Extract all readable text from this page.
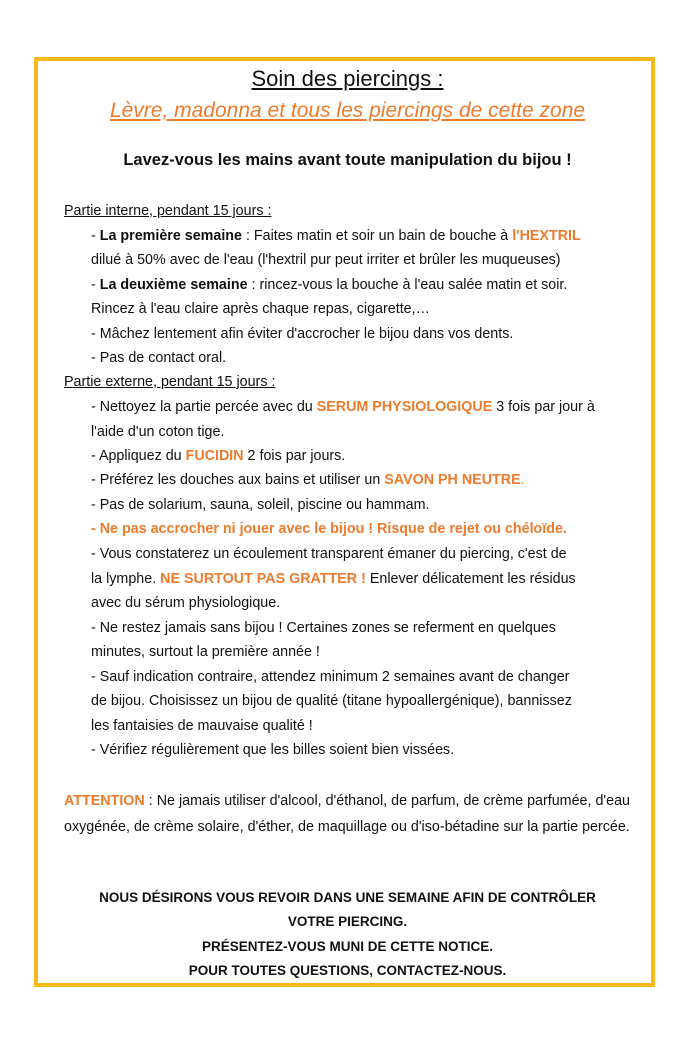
Soin des piercings :
Lèvre, madonna et tous les piercings de cette zone
Lavez-vous les mains avant toute manipulation du bijou !
Partie interne, pendant 15 jours :
- La première semaine : Faites matin et soir un bain de bouche à l'HEXTRIL
dilué à 50% avec de l'eau (l'hextril pur peut irriter et brûler les muqueuses)
- La deuxième semaine : rincez-vous la bouche à l'eau salée matin et soir.
Rincez à l'eau claire après chaque repas, cigarette,…
- Mâchez lentement afin éviter d'accrocher le bijou dans vos dents.
- Pas de contact oral.
Partie externe, pendant 15 jours :
- Nettoyez la partie percée avec du SERUM PHYSIOLOGIQUE 3 fois par jour à
l'aide d'un coton tige.
- Appliquez du FUCIDIN 2 fois par jours.
- Préférez les douches aux bains et utiliser un SAVON PH NEUTRE.
- Pas de solarium, sauna, soleil, piscine ou hammam.
- Ne pas accrocher ni jouer avec le bijou ! Risque de rejet ou chéloïde.
- Vous constaterez un écoulement transparent émaner du piercing, c'est de
la lymphe. NE SURTOUT PAS GRATTER ! Enlever délicatement les résidus
avec du sérum physiologique.
- Ne restez jamais sans bijou ! Certaines zones se referment en quelques
minutes, surtout la première année !
- Sauf indication contraire, attendez minimum 2 semaines avant de changer
de bijou. Choisissez un bijou de qualité (titane hypoallergénique), bannissez
les fantaisies de mauvaise qualité !
- Vérifiez régulièrement que les billes soient bien vissées.
ATTENTION : Ne jamais utiliser d'alcool, d'éthanol, de parfum, de crème parfumée, d'eau oxygénée, de crème solaire, d'éther, de maquillage ou d'iso-bétadine sur la partie percée.
NOUS DÉSIRONS VOUS REVOIR DANS UNE SEMAINE AFIN DE CONTRÔLER
VOTRE PIERCING.
PRÉSENTEZ-VOUS MUNI DE CETTE NOTICE.
POUR TOUTES QUESTIONS, CONTACTEZ-NOUS.
